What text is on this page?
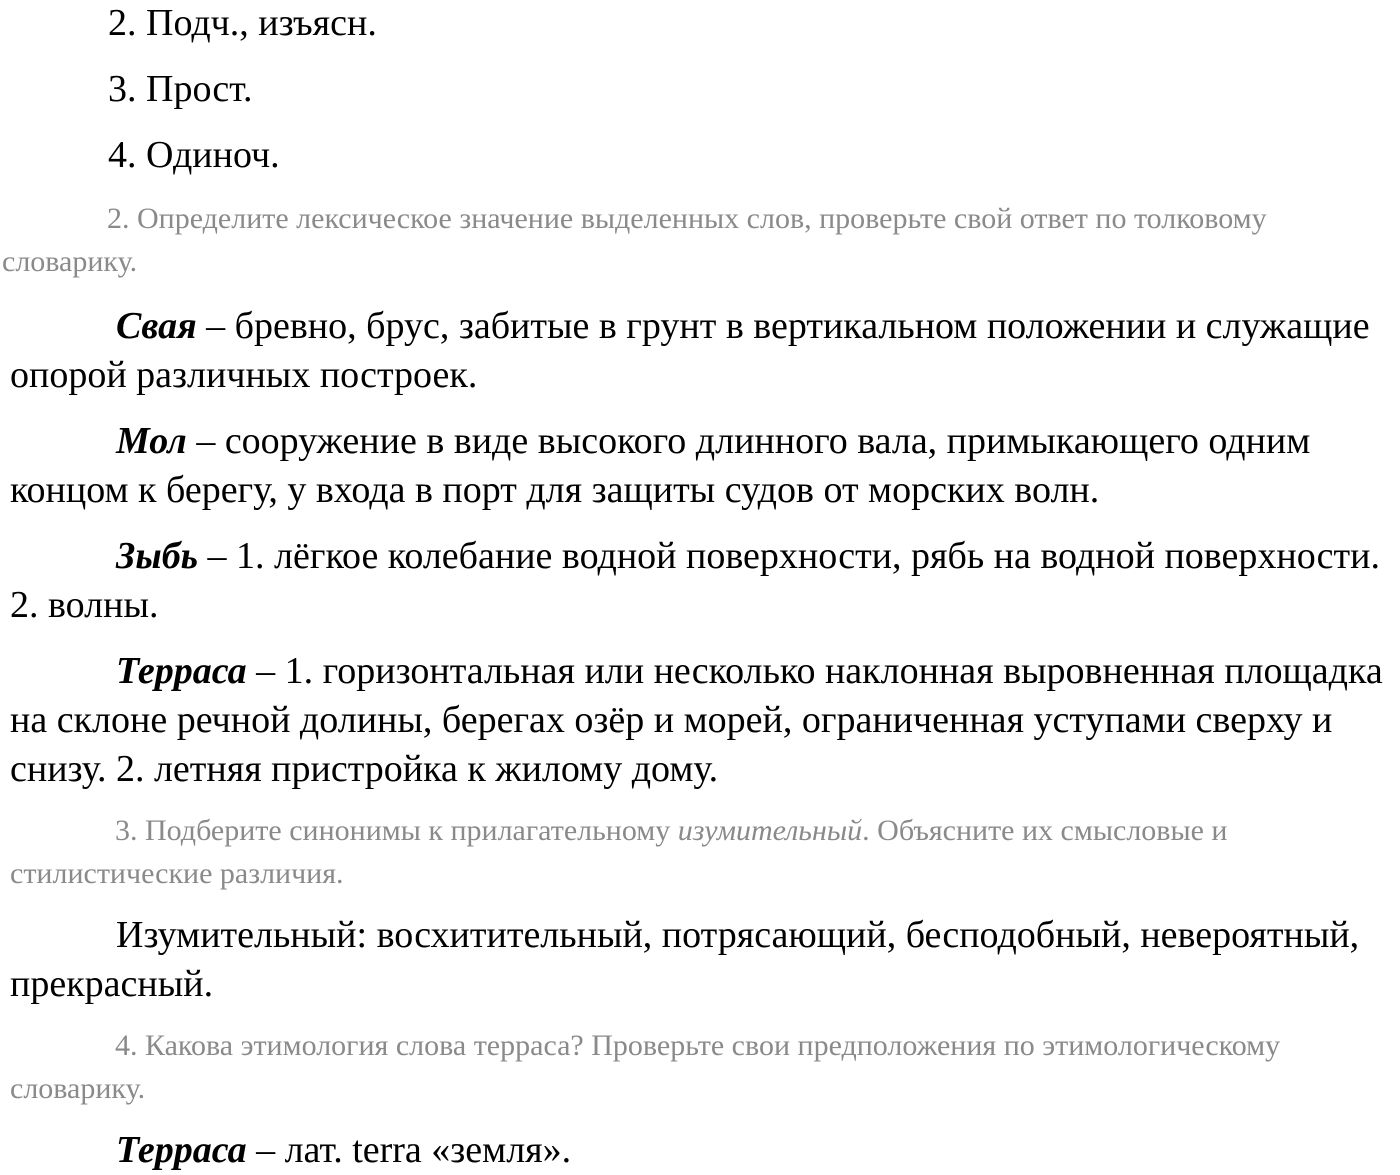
2. Подч., изъясн.

3. Прост.

4. Одиноч.

2. Определите лексическое значение выделенных слов, проверьте свой ответ по толковому словарику.

Свая – бревно, брус, забитые в грунт в вертикальном положении и служащие опорой различных построек.

Мол – сооружение в виде высокого длинного вала, примыкающего одним концом к берегу, у входа в порт для защиты судов от морских волн.

Зыбь – 1. лёгкое колебание водной поверхности, рябь на водной поверхности. 2. волны.

Терраса – 1. горизонтальная или несколько наклонная выровненная площадка на склоне речной долины, берегах озёр и морей, ограниченная уступами сверху и снизу. 2. летняя пристройка к жилому дому.

3. Подберите синонимы к прилагательному изумительный. Объясните их смысловые и стилистические различия.

Изумительный: восхитительный, потрясающий, бесподобный, невероятный, прекрасный.

4. Какова этимология слова терраса? Проверьте свои предположения по этимологическому словарику.

Терраса – лат. terra «земля».
